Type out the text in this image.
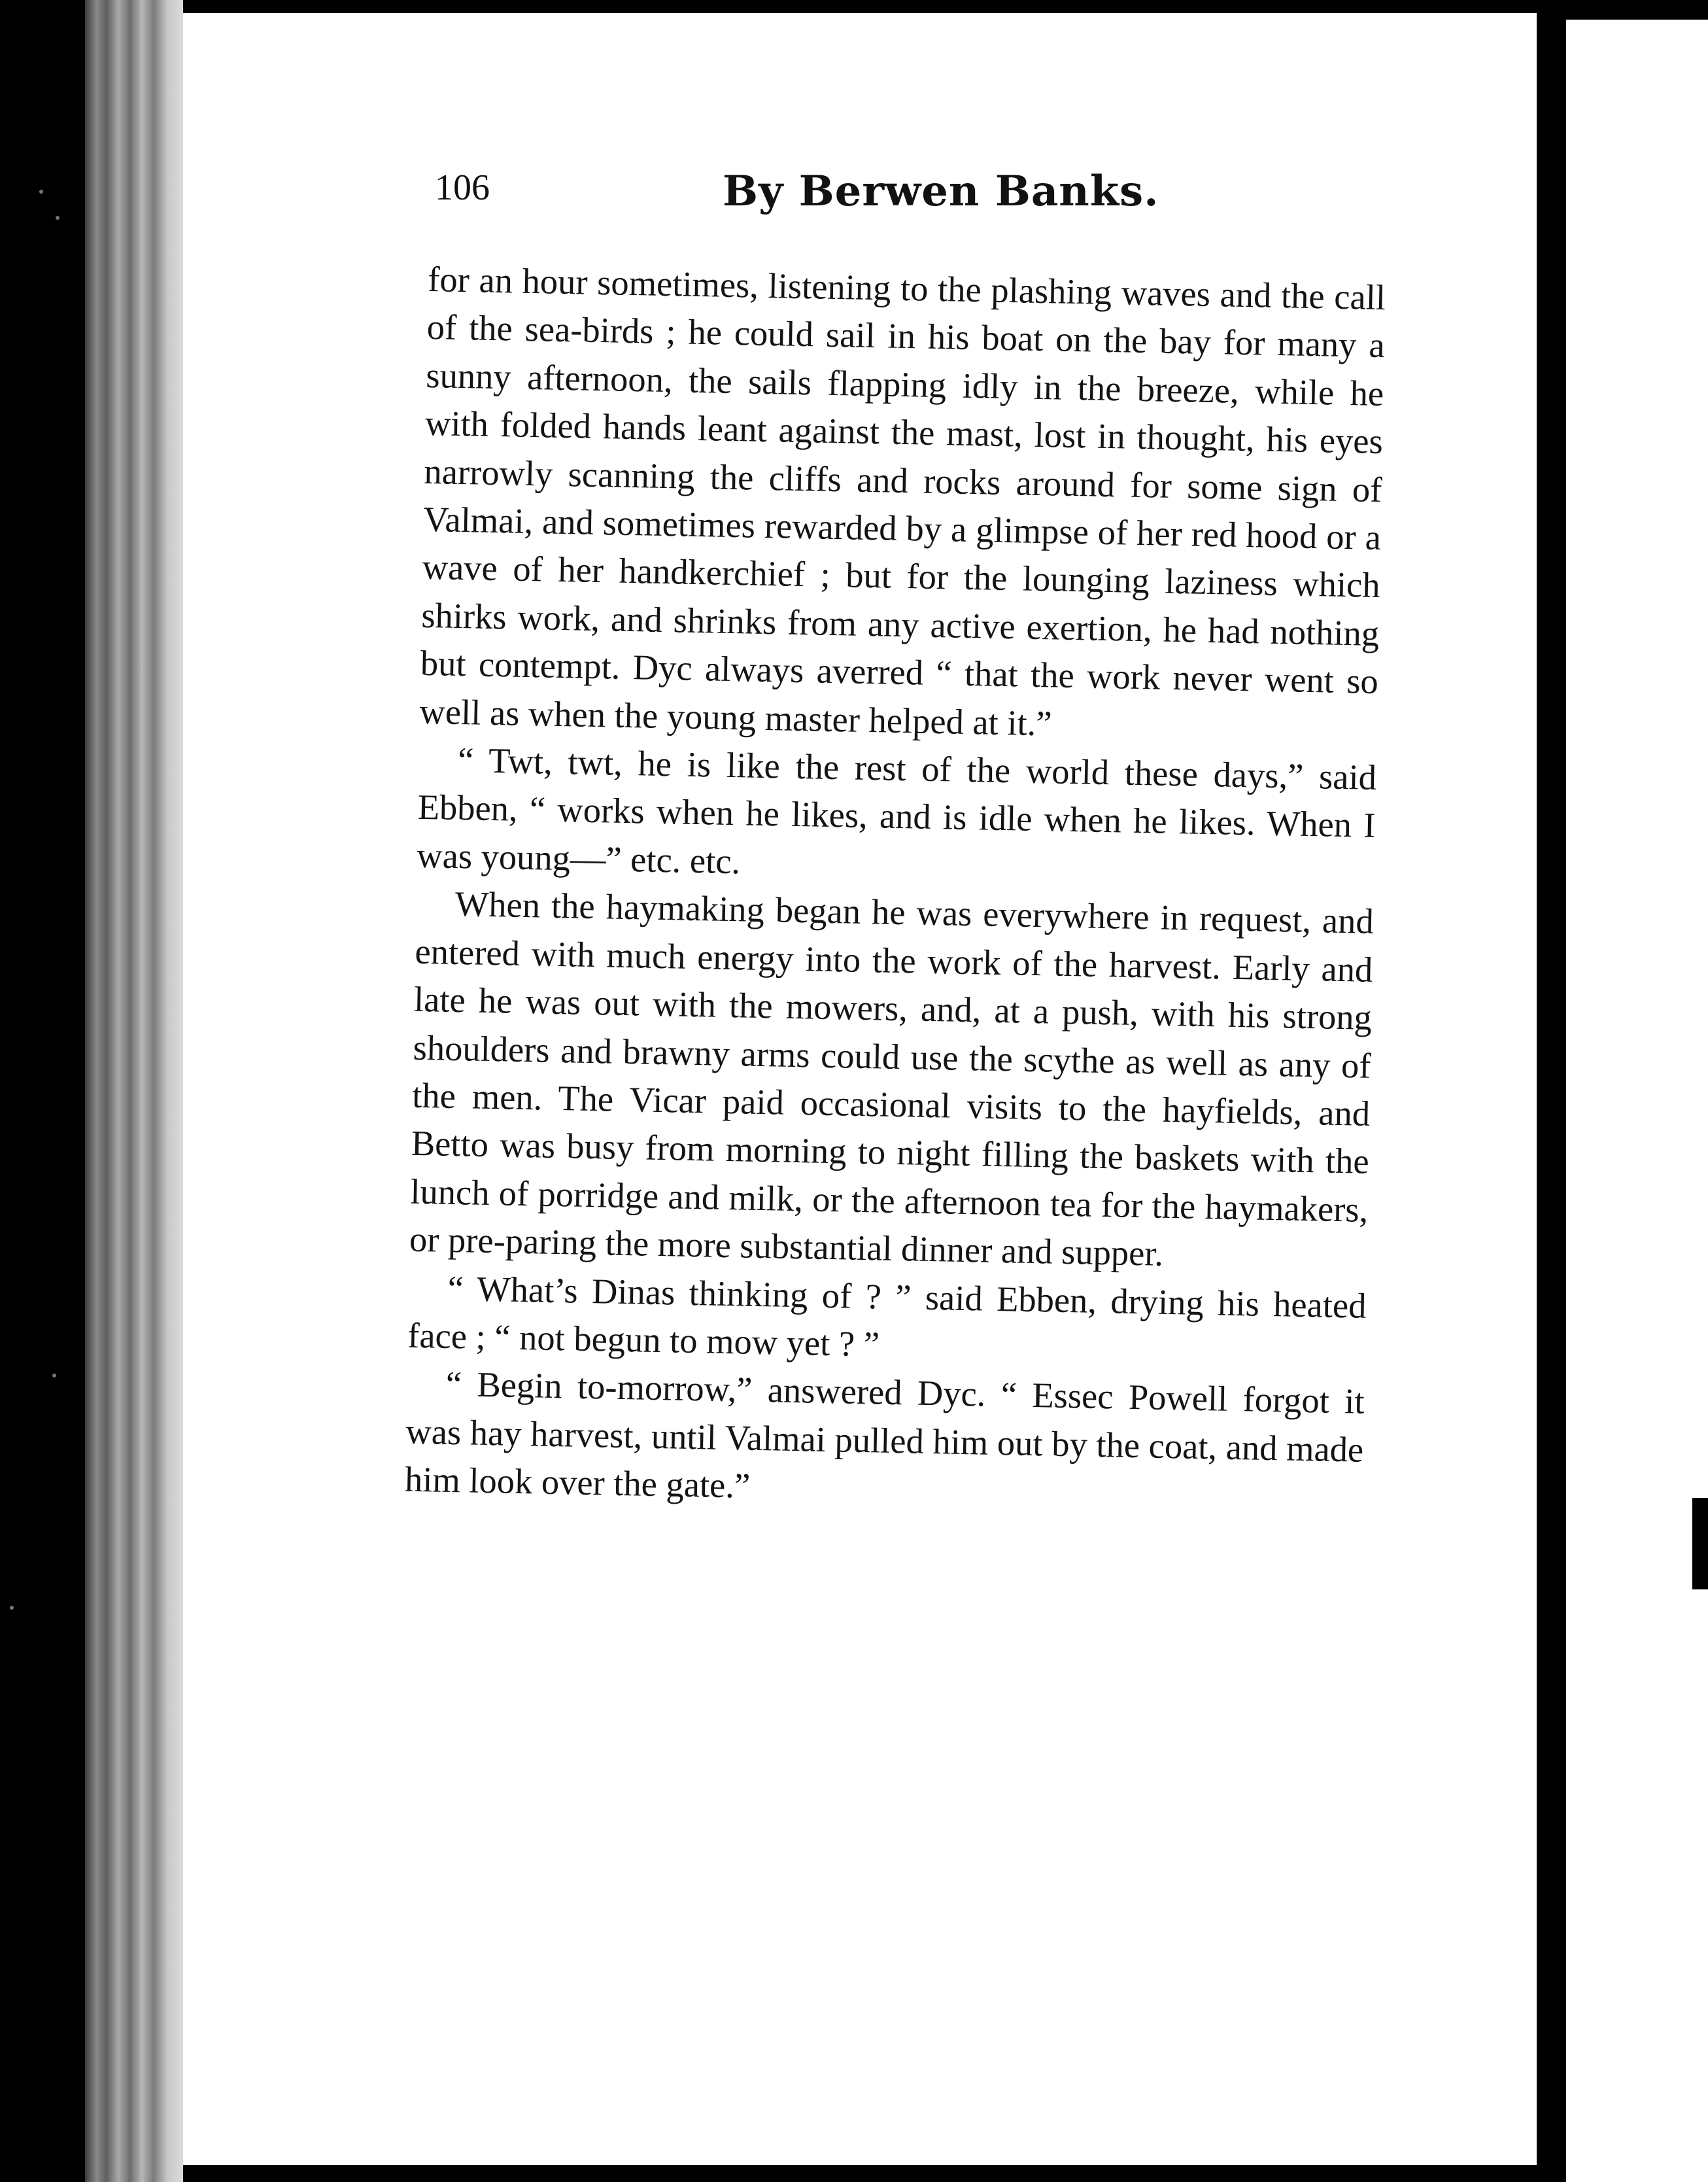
106	By Berwen Banks.

for an hour sometimes, listening to the plashing waves and the call of the sea-birds ; he could sail in his boat on the bay for many a sunny afternoon, the sails flapping idly in the breeze, while he with folded hands leant against the mast, lost in thought, his eyes narrowly scanning the cliffs and rocks around for some sign of Valmai, and sometimes rewarded by a glimpse of her red hood or a wave of her handkerchief ; but for the lounging laziness which shirks work, and shrinks from any active exertion, he had nothing but contempt. Dyc always averred “ that the work never went so well as when the young master helped at it.”

“ Twt, twt, he is like the rest of the world these days,” said Ebben, “ works when he likes, and is idle when he likes. When I was young—” etc. etc.

When the haymaking began he was everywhere in request, and entered with much energy into the work of the harvest. Early and late he was out with the mowers, and, at a push, with his strong shoulders and brawny arms could use the scythe as well as any of the men. The Vicar paid occasional visits to the hayfields, and Betto was busy from morning to night filling the baskets with the lunch of porridge and milk, or the afternoon tea for the haymakers, or pre-paring the more substantial dinner and supper.

“ What’s Dinas thinking of ? ” said Ebben, drying his heated face ; “ not begun to mow yet ? ”

“ Begin to-morrow,” answered Dyc. “ Essec Powell forgot it was hay harvest, until Valmai pulled him out by the coat, and made him look over the gate.”
